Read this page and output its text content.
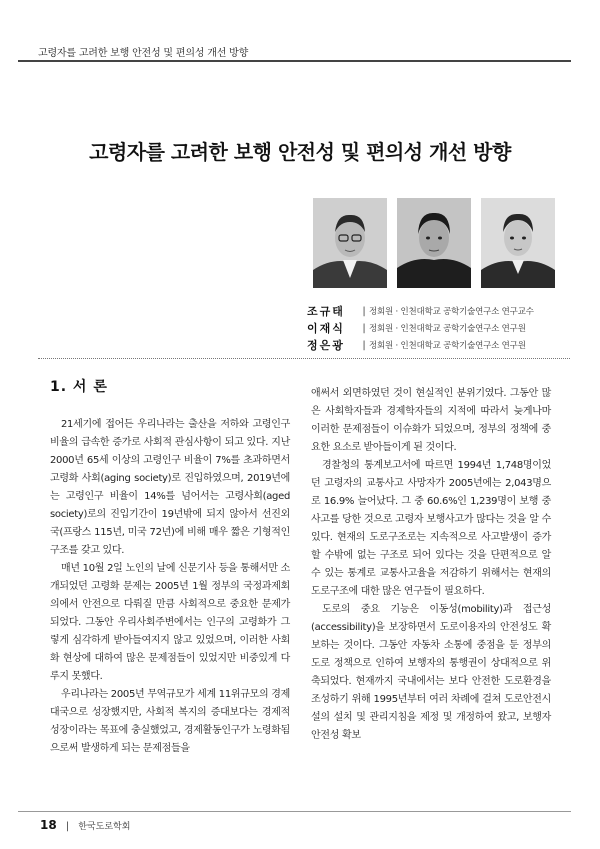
고령자를 고려한 보행 안전성 및 편의성 개선 방향
고령자를 고려한 보행 안전성 및 편의성 개선 방향
조규태	| 정회원 · 인천대학교 공학기술연구소 연구교수
이재식	| 정회원 · 인천대학교 공학기술연구소 연구원
정은광	| 정회원 · 인천대학교 공학기술연구소 연구원
1. 서 론

21세기에 접어든 우리나라는 출산을 저하와 고령인구 비율의 급속한 증가로 사회적 관심사항이 되고 있다. 지난 2000년 65세 이상의 고령인구 비율이 7%를 초과하면서 고령화 사회(aging society)로 진입하였으며, 2019년에는 고령인구 비율이 14%를 넘어서는 고령사회(aged society)로의 진입기간이 19년밖에 되지 않아서 선진외국(프랑스 115년, 미국 72년)에 비해 매우 짧은 기형적인 구조를 갖고 있다.

매년 10월 2일 노인의 날에 신문기사 등을 통해서만 소개되었던 고령화 문제는 2005년 1월 정부의 국정과제회의에서 안전으로 다뤄질 만큼 사회적으로 중요한 문제가 되었다. 그동안 우리사회주변에서는 인구의 고령화가 그렇게 심각하게 받아들여지지 않고 있었으며, 이러한 사회화 현상에 대하여 많은 문제점들이 있었지만 비중있게 다루지 못했다.

우리나라는 2005년 무역규모가 세계 11위규모의 경제 대국으로 성장했지만, 사회적 복지의 증대보다는 경제적 성장이라는 목표에 충실했었고, 경제활동인구가 노령화됨으로써 발생하게 되는 문제점들을

애써서 외면하였던 것이 현실적인 분위기였다. 그동안 많은 사회학자들과 경제학자들의 지적에 따라서 늦게나마 이러한 문제점들이 이슈화가 되었으며, 정부의 정책에 중요한 요소로 받아들이게 된 것이다.

경찰청의 통계보고서에 따르면 1994년 1,748명이었던 고령자의 교통사고 사망자가 2005년에는 2,043명으로 16.9% 늘어났다. 그 중 60.6%인 1,239명이 보행 중 사고를 당한 것으로 고령자 보행사고가 많다는 것을 알 수 있다. 현재의 도로구조로는 지속적으로 사고발생이 증가할 수밖에 없는 구조로 되어 있다는 것을 단편적으로 알 수 있는 통계로 교통사고율을 저감하기 위해서는 현재의 도로구조에 대한 많은 연구들이 필요하다.

도로의 중요 기능은 이동성(mobility)과 접근성(accessibility)을 보장하면서 도로이용자의 안전성도 확보하는 것이다. 그동안 자동차 소통에 중점을 둔 정부의 도로 정책으로 인하여 보행자의 통행권이 상대적으로 위축되었다. 현재까지 국내에서는 보다 안전한 도로환경을 조성하기 위해 1995년부터 여러 차례에 걸쳐 도로안전시설의 설치 및 관리지침을 제정 및 개정하여 왔고, 보행자 안전성 확보

18 | 한국도로학회
